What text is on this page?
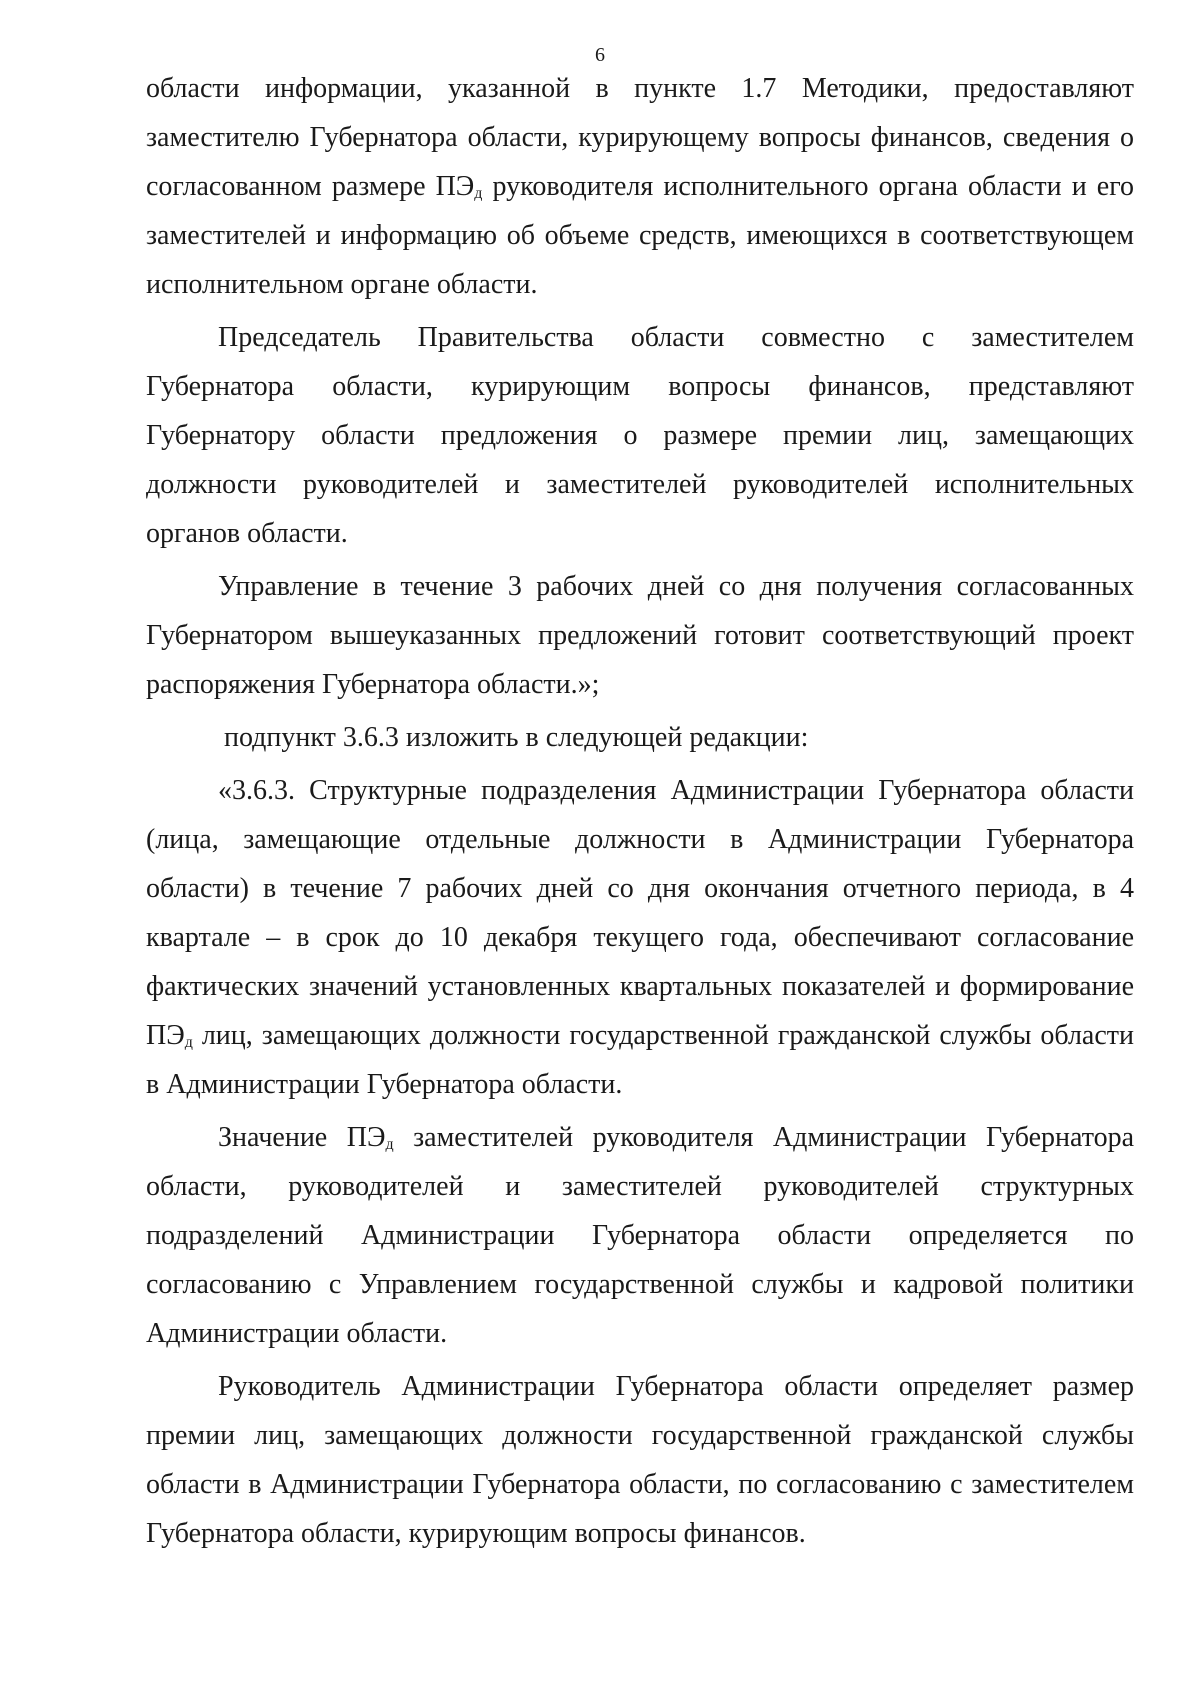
6

области информации, указанной в пункте 1.7 Методики, предоставляют заместителю Губернатора области, курирующему вопросы финансов, сведения о согласованном размере $ПЭ_д$ руководителя исполнительного органа области и его заместителей и информацию об объеме средств, имеющихся в соответствующем исполнительном органе области.

Председатель Правительства области совместно с заместителем Губернатора области, курирующим вопросы финансов, представляют Губернатору области предложения о размере премии лиц, замещающих должности руководителей и заместителей руководителей исполнительных органов области.

Управление в течение 3 рабочих дней со дня получения согласованных Губернатором вышеуказанных предложений готовит соответствующий проект распоряжения Губернатора области.»;

подпункт 3.6.3 изложить в следующей редакции:

«3.6.3. Структурные подразделения Администрации Губернатора области (лица, замещающие отдельные должности в Администрации Губернатора области) в течение 7 рабочих дней со дня окончания отчетного периода, в 4 квартале – в срок до 10 декабря текущего года, обеспечивают согласование фактических значений установленных квартальных показателей и формирование $ПЭ_д$ лиц, замещающих должности государственной гражданской службы области в Администрации Губернатора области.

Значение $ПЭ_д$ заместителей руководителя Администрации Губернатора области, руководителей и заместителей руководителей структурных подразделений Администрации Губернатора области определяется по согласованию с Управлением государственной службы и кадровой политики Администрации области.

Руководитель Администрации Губернатора области определяет размер премии лиц, замещающих должности государственной гражданской службы области в Администрации Губернатора области, по согласованию с заместителем Губернатора области, курирующим вопросы финансов.
